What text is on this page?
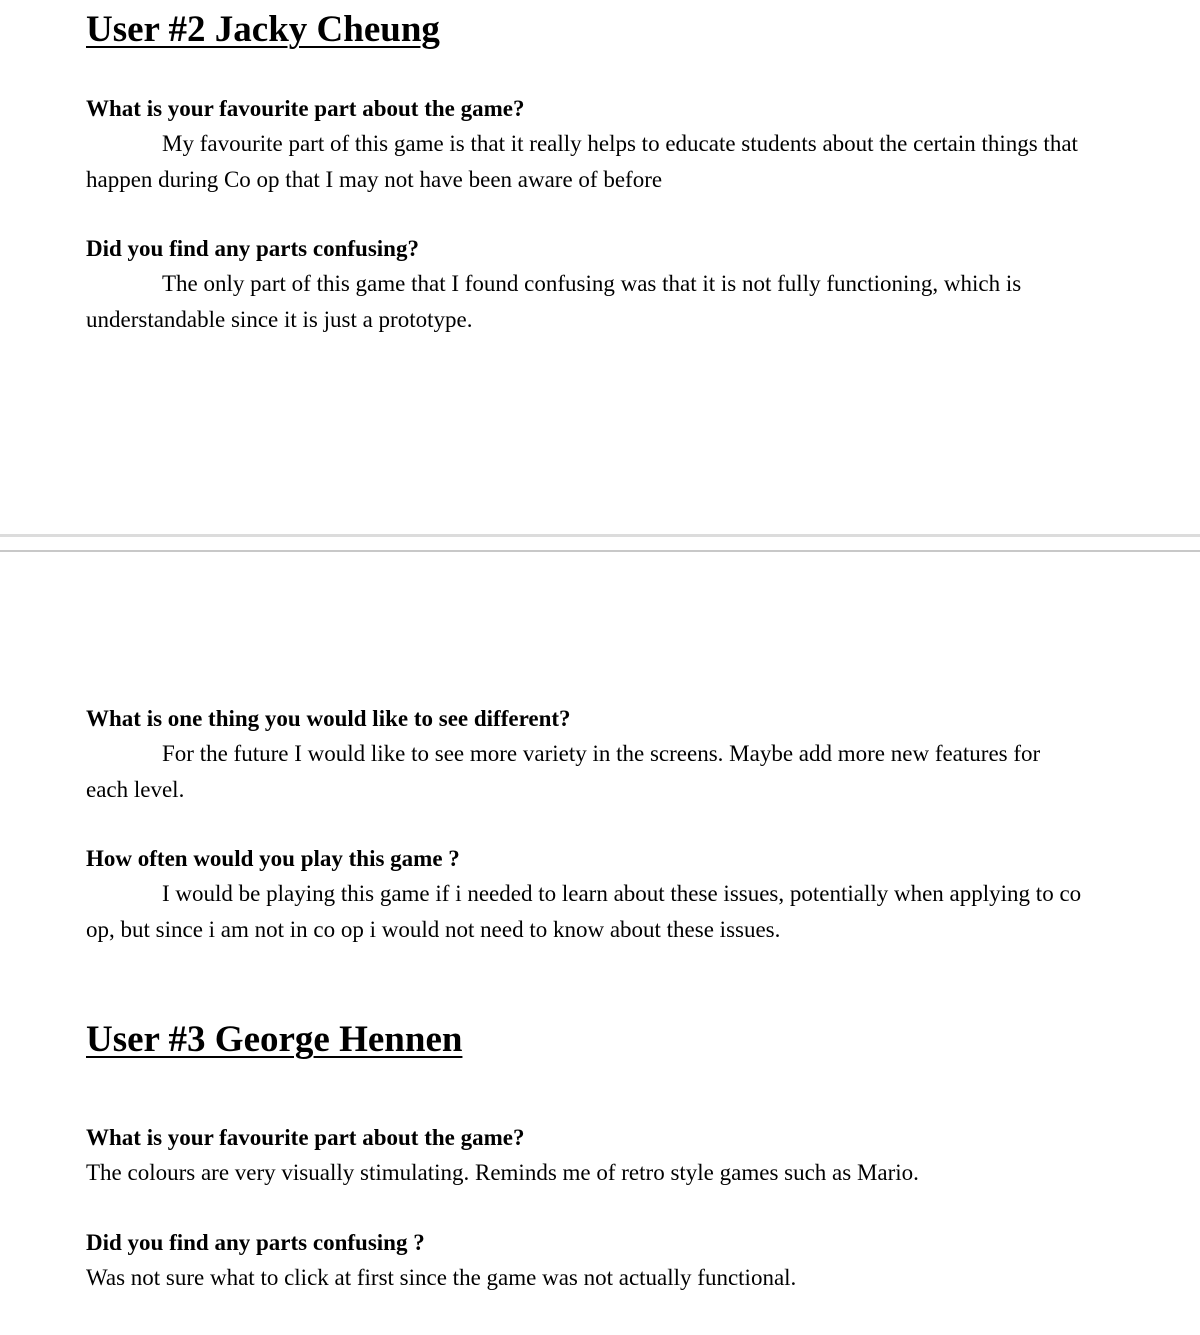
User #2 Jacky Cheung

What is your favourite part about the game?

My favourite part of this game is that it really helps to educate students about the certain things that happen during Co op that I may not have been aware of before

Did you find any parts confusing?

The only part of this game that I found confusing was that it is not fully functioning, which is understandable since it is just a prototype.

What is one thing you would like to see different?

For the future I would like to see more variety in the screens. Maybe add more new features for each level.

How often would you play this game ?

I would be playing this game if i needed to learn about these issues, potentially when applying to co op, but since i am not in co op i would not need to know about these issues.

User #3 George Hennen

What is your favourite part about the game?

The colours are very visually stimulating. Reminds me of retro style games such as Mario.

Did you find any parts confusing ?

Was not sure what to click at first since the game was not actually functional.
